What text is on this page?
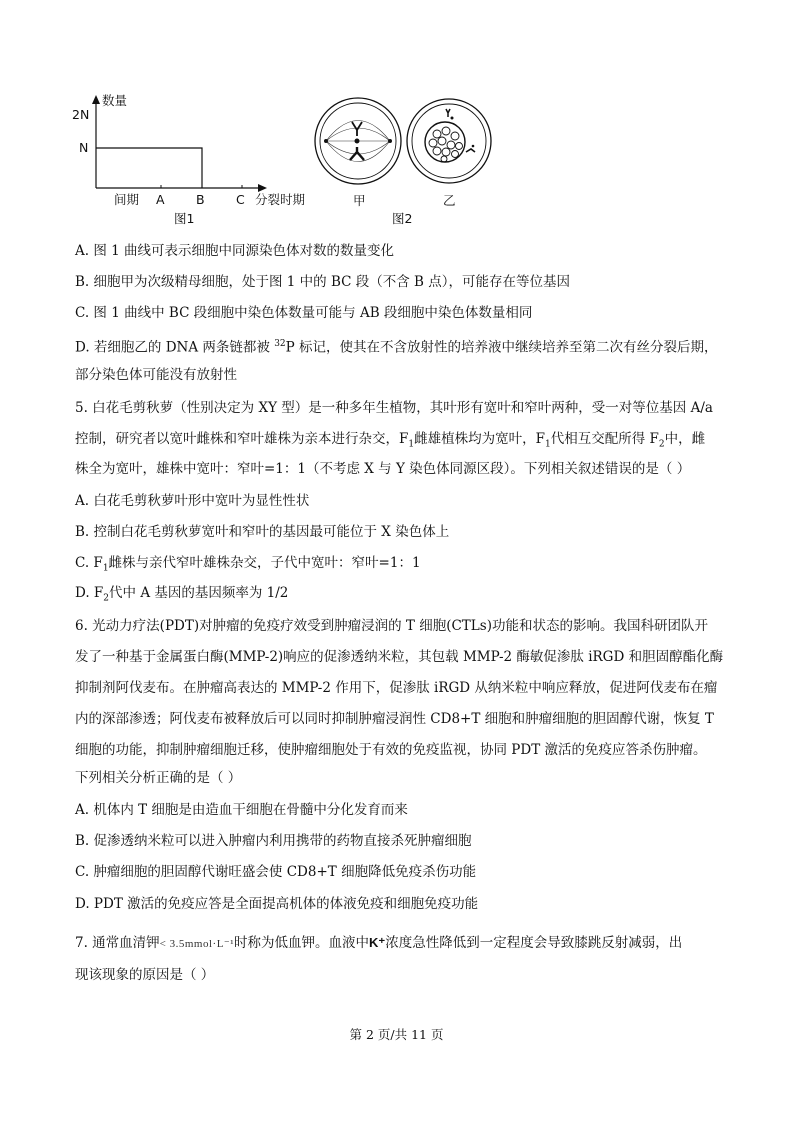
数量
2N
N
间期 A	B	C 分裂时期
图1
甲	乙
图2
A. 图 1 曲线可表示细胞中同源染色体对数的数量变化
B. 细胞甲为次级精母细胞，处于图 1 中的 BC 段（不含 B 点），可能存在等位基因
C. 图 1 曲线中 BC 段细胞中染色体数量可能与 AB 段细胞中染色体数量相同
D. 若细胞乙的 DNA 两条链都被 $^{32}$P 标记，使其在不含放射性的培养液中继续培养至第二次有丝分裂后期，
部分染色体可能没有放射性
5. 白花毛剪秋萝（性别决定为 XY 型）是一种多年生植物，其叶形有宽叶和窄叶两种，受一对等位基因 A/a
控制，研究者以宽叶雌株和窄叶雄株为亲本进行杂交，$F_1$雌雄植株均为宽叶，$F_1$代相互交配所得 $F_2$中，雌
株全为宽叶，雄株中宽叶：窄叶=1：1（不考虑 X 与 Y 染色体同源区段）。下列相关叙述错误的是（ ）
A. 白花毛剪秋萝叶形中宽叶为显性性状
B. 控制白花毛剪秋萝宽叶和窄叶的基因最可能位于 X 染色体上
C. $F_1$雌株与亲代窄叶雄株杂交，子代中宽叶：窄叶=1：1
D. $F_2$代中 A 基因的基因频率为 1/2
6. 光动力疗法(PDT)对肿瘤的免疫疗效受到肿瘤浸润的 T 细胞(CTLs)功能和状态的影响。我国科研团队开
发了一种基于金属蛋白酶(MMP-2)响应的促渗透纳米粒，其包载 MMP-2 酶敏促渗肽 iRGD 和胆固醇酯化酶
抑制剂阿伐麦布。在肿瘤高表达的 MMP-2 作用下，促渗肽 iRGD 从纳米粒中响应释放，促进阿伐麦布在瘤
内的深部渗透；阿伐麦布被释放后可以同时抑制肿瘤浸润性 CD8+T 细胞和肿瘤细胞的胆固醇代谢，恢复 T
细胞的功能，抑制肿瘤细胞迁移，使肿瘤细胞处于有效的免疫监视，协同 PDT 激活的免疫应答杀伤肿瘤。
下列相关分析正确的是（ ）
A. 机体内 T 细胞是由造血干细胞在骨髓中分化发育而来
B. 促渗透纳米粒可以进入肿瘤内利用携带的药物直接杀死肿瘤细胞
C. 肿瘤细胞的胆固醇代谢旺盛会使 CD8+T 细胞降低免疫杀伤功能
D. PDT 激活的免疫应答是全面提高机体的体液免疫和细胞免疫功能
7. 通常血清钾< 3.5mmol·L⁻¹时称为低血钾。血液中K⁺浓度急性降低到一定程度会导致膝跳反射减弱，出
现该现象的原因是（ ）
第 2 页/共 11 页
